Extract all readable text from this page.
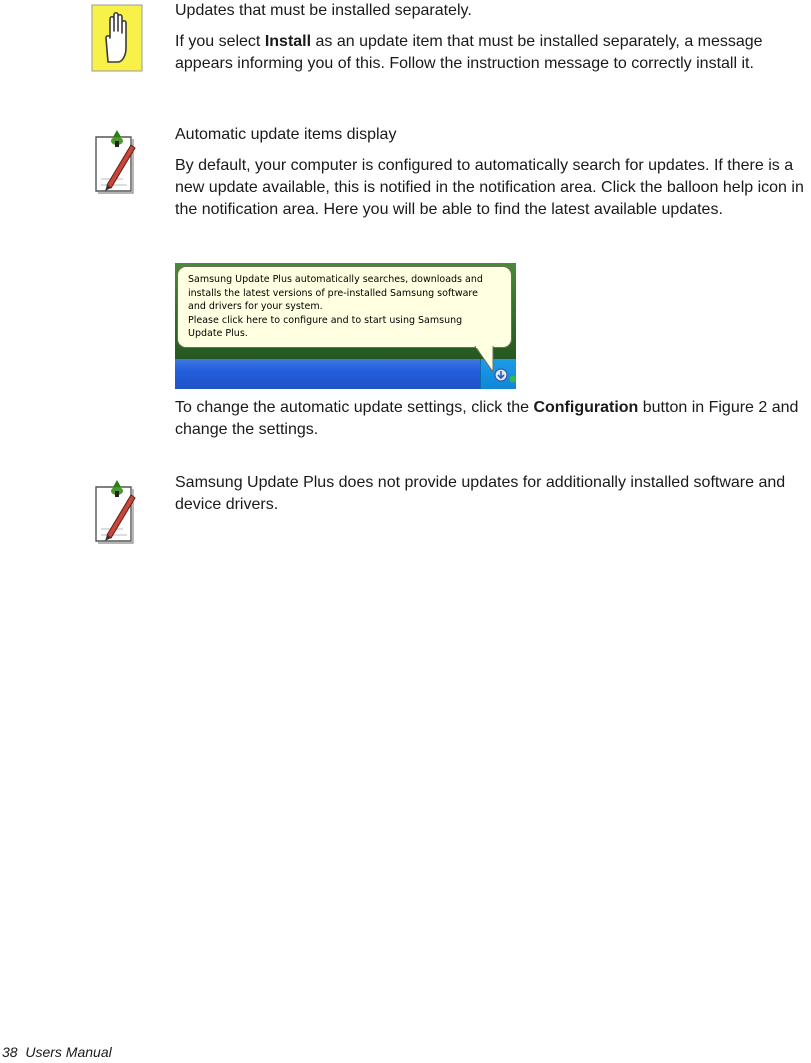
Updates that must be installed separately.

If you select Install as an update item that must be installed separately, a message appears informing you of this. Follow the instruction message to correctly install it.

Automatic update items display

By default, your computer is configured to automatically search for updates. If there is a new update available, this is notified in the notification area. Click the balloon help icon in the notification area. Here you will be able to find the latest available updates.

Samsung Update Plus automatically searches, downloads and
installs the latest versions of pre-installed Samsung software
and drivers for your system.
Please click here to configure and to start using Samsung
Update Plus.

To change the automatic update settings, click the Configuration button in Figure 2 and change the settings.

Samsung Update Plus does not provide updates for additionally installed software and device drivers.

38 Users Manual
